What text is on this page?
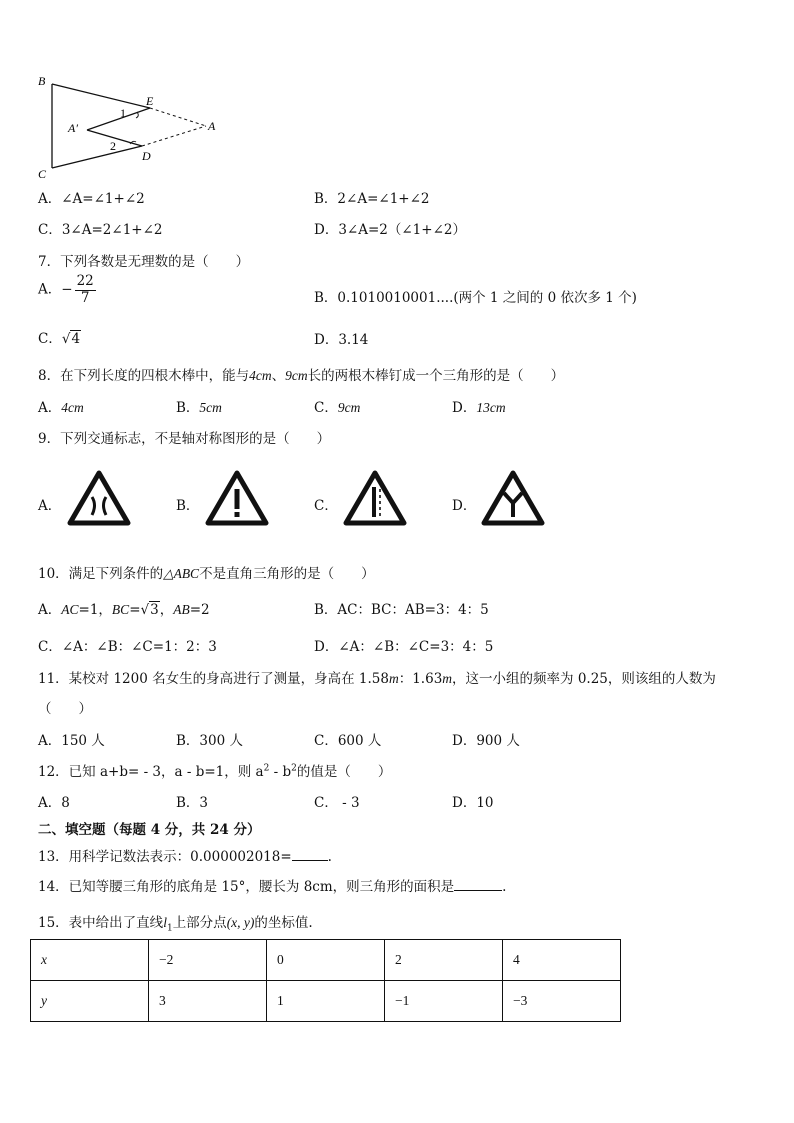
B
C
E
A
A′
D
1
2
A．∠A=∠1+∠2	B．2∠A=∠1+∠2
C．3∠A=2∠1+∠2	D．3∠A=2（∠1+∠2）
7．下列各数是无理数的是（　　）
A．− $\frac{22}{7}$	B．0.1010010001....(两个 1 之间的 0 依次多 1 个)
C．√4	D．3.14
8．在下列长度的四根木棒中，能与4cm、9cm长的两根木棒钉成一个三角形的是（　　）
A．4cm	B．5cm	C．9cm	D．13cm
9．下列交通标志，不是轴对称图形的是（　　）
A．	B．	C．	D．
10．满足下列条件的△ABC不是直角三角形的是（　　）
A．AC=1，BC=√3，AB=2	B．AC：BC：AB=3：4：5
C．∠A：∠B：∠C=1：2：3	D．∠A：∠B：∠C=3：4：5
11．某校对 1200 名女生的身高进行了测量，身高在 1.58m：1.63m，这一小组的频率为 0.25，则该组的人数为
（　　）
A．150 人	B．300 人	C．600 人	D．900 人
12．已知 a+b= - 3，a - b=1，则 $a^2 - b^2$的值是（　　）
A．8	B．3	C． - 3	D．10
二、填空题（每题 4 分，共 24 分）
13．用科学记数法表示：0.000002018=	.
14．已知等腰三角形的底角是 15°，腰长为 8cm，则三角形的面积是	.
15．表中给出了直线$l_1$上部分点(x, y)的坐标值.
x	−2	0	2	4
y	3	1	−1	−3
